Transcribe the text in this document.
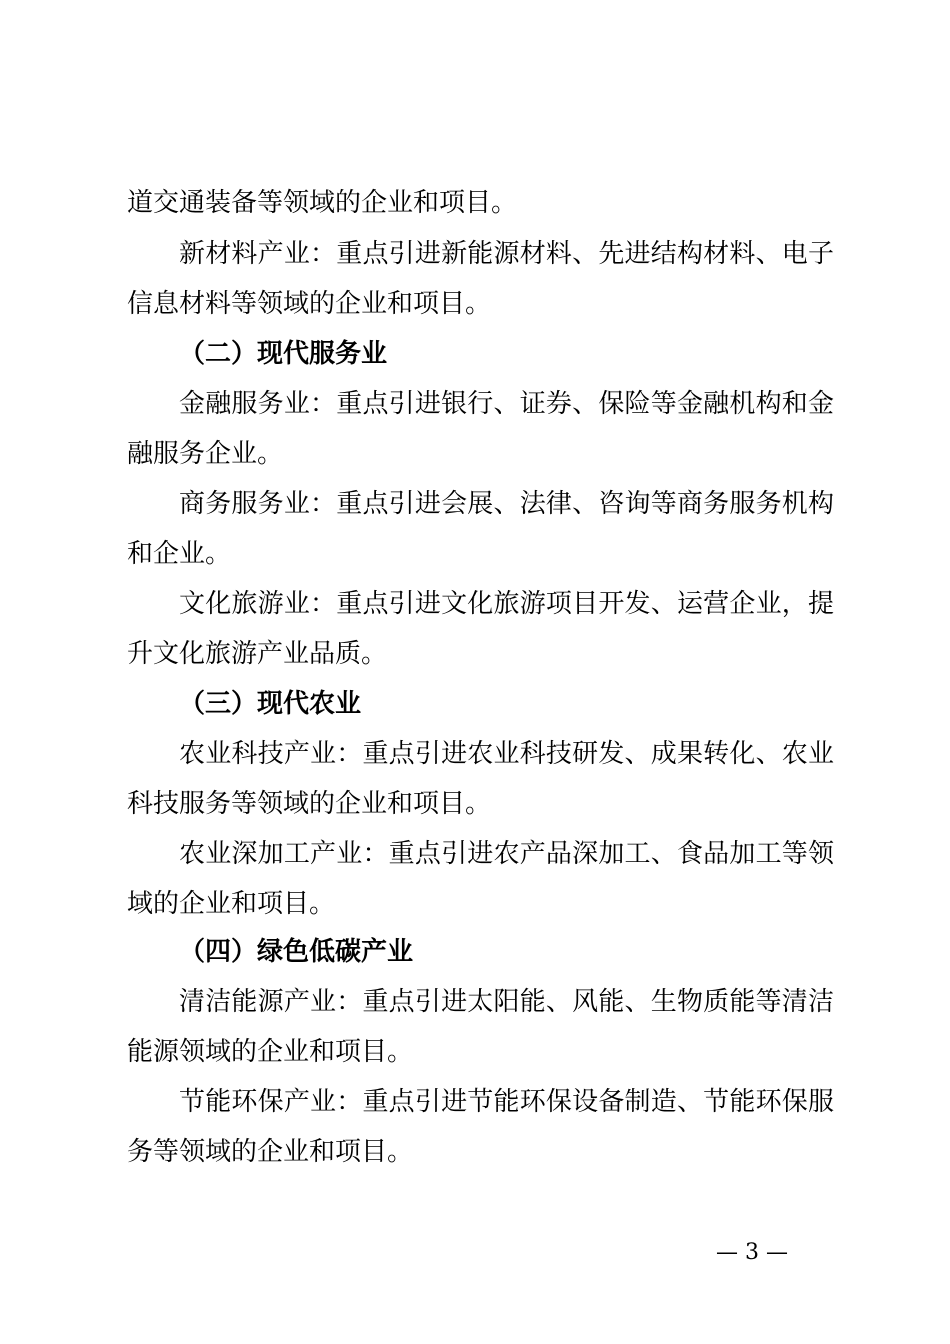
道交通装备等领域的企业和项目。
新材料产业：重点引进新能源材料、先进结构材料、电子
信息材料等领域的企业和项目。
（二）现代服务业
金融服务业：重点引进银行、证券、保险等金融机构和金
融服务企业。
商务服务业：重点引进会展、法律、咨询等商务服务机构
和企业。
文化旅游业：重点引进文化旅游项目开发、运营企业，提
升文化旅游产业品质。
（三）现代农业
农业科技产业：重点引进农业科技研发、成果转化、农业
科技服务等领域的企业和项目。
农业深加工产业：重点引进农产品深加工、食品加工等领
域的企业和项目。
（四）绿色低碳产业
清洁能源产业：重点引进太阳能、风能、生物质能等清洁
能源领域的企业和项目。
节能环保产业：重点引进节能环保设备制造、节能环保服
务等领域的企业和项目。
— 3 —
